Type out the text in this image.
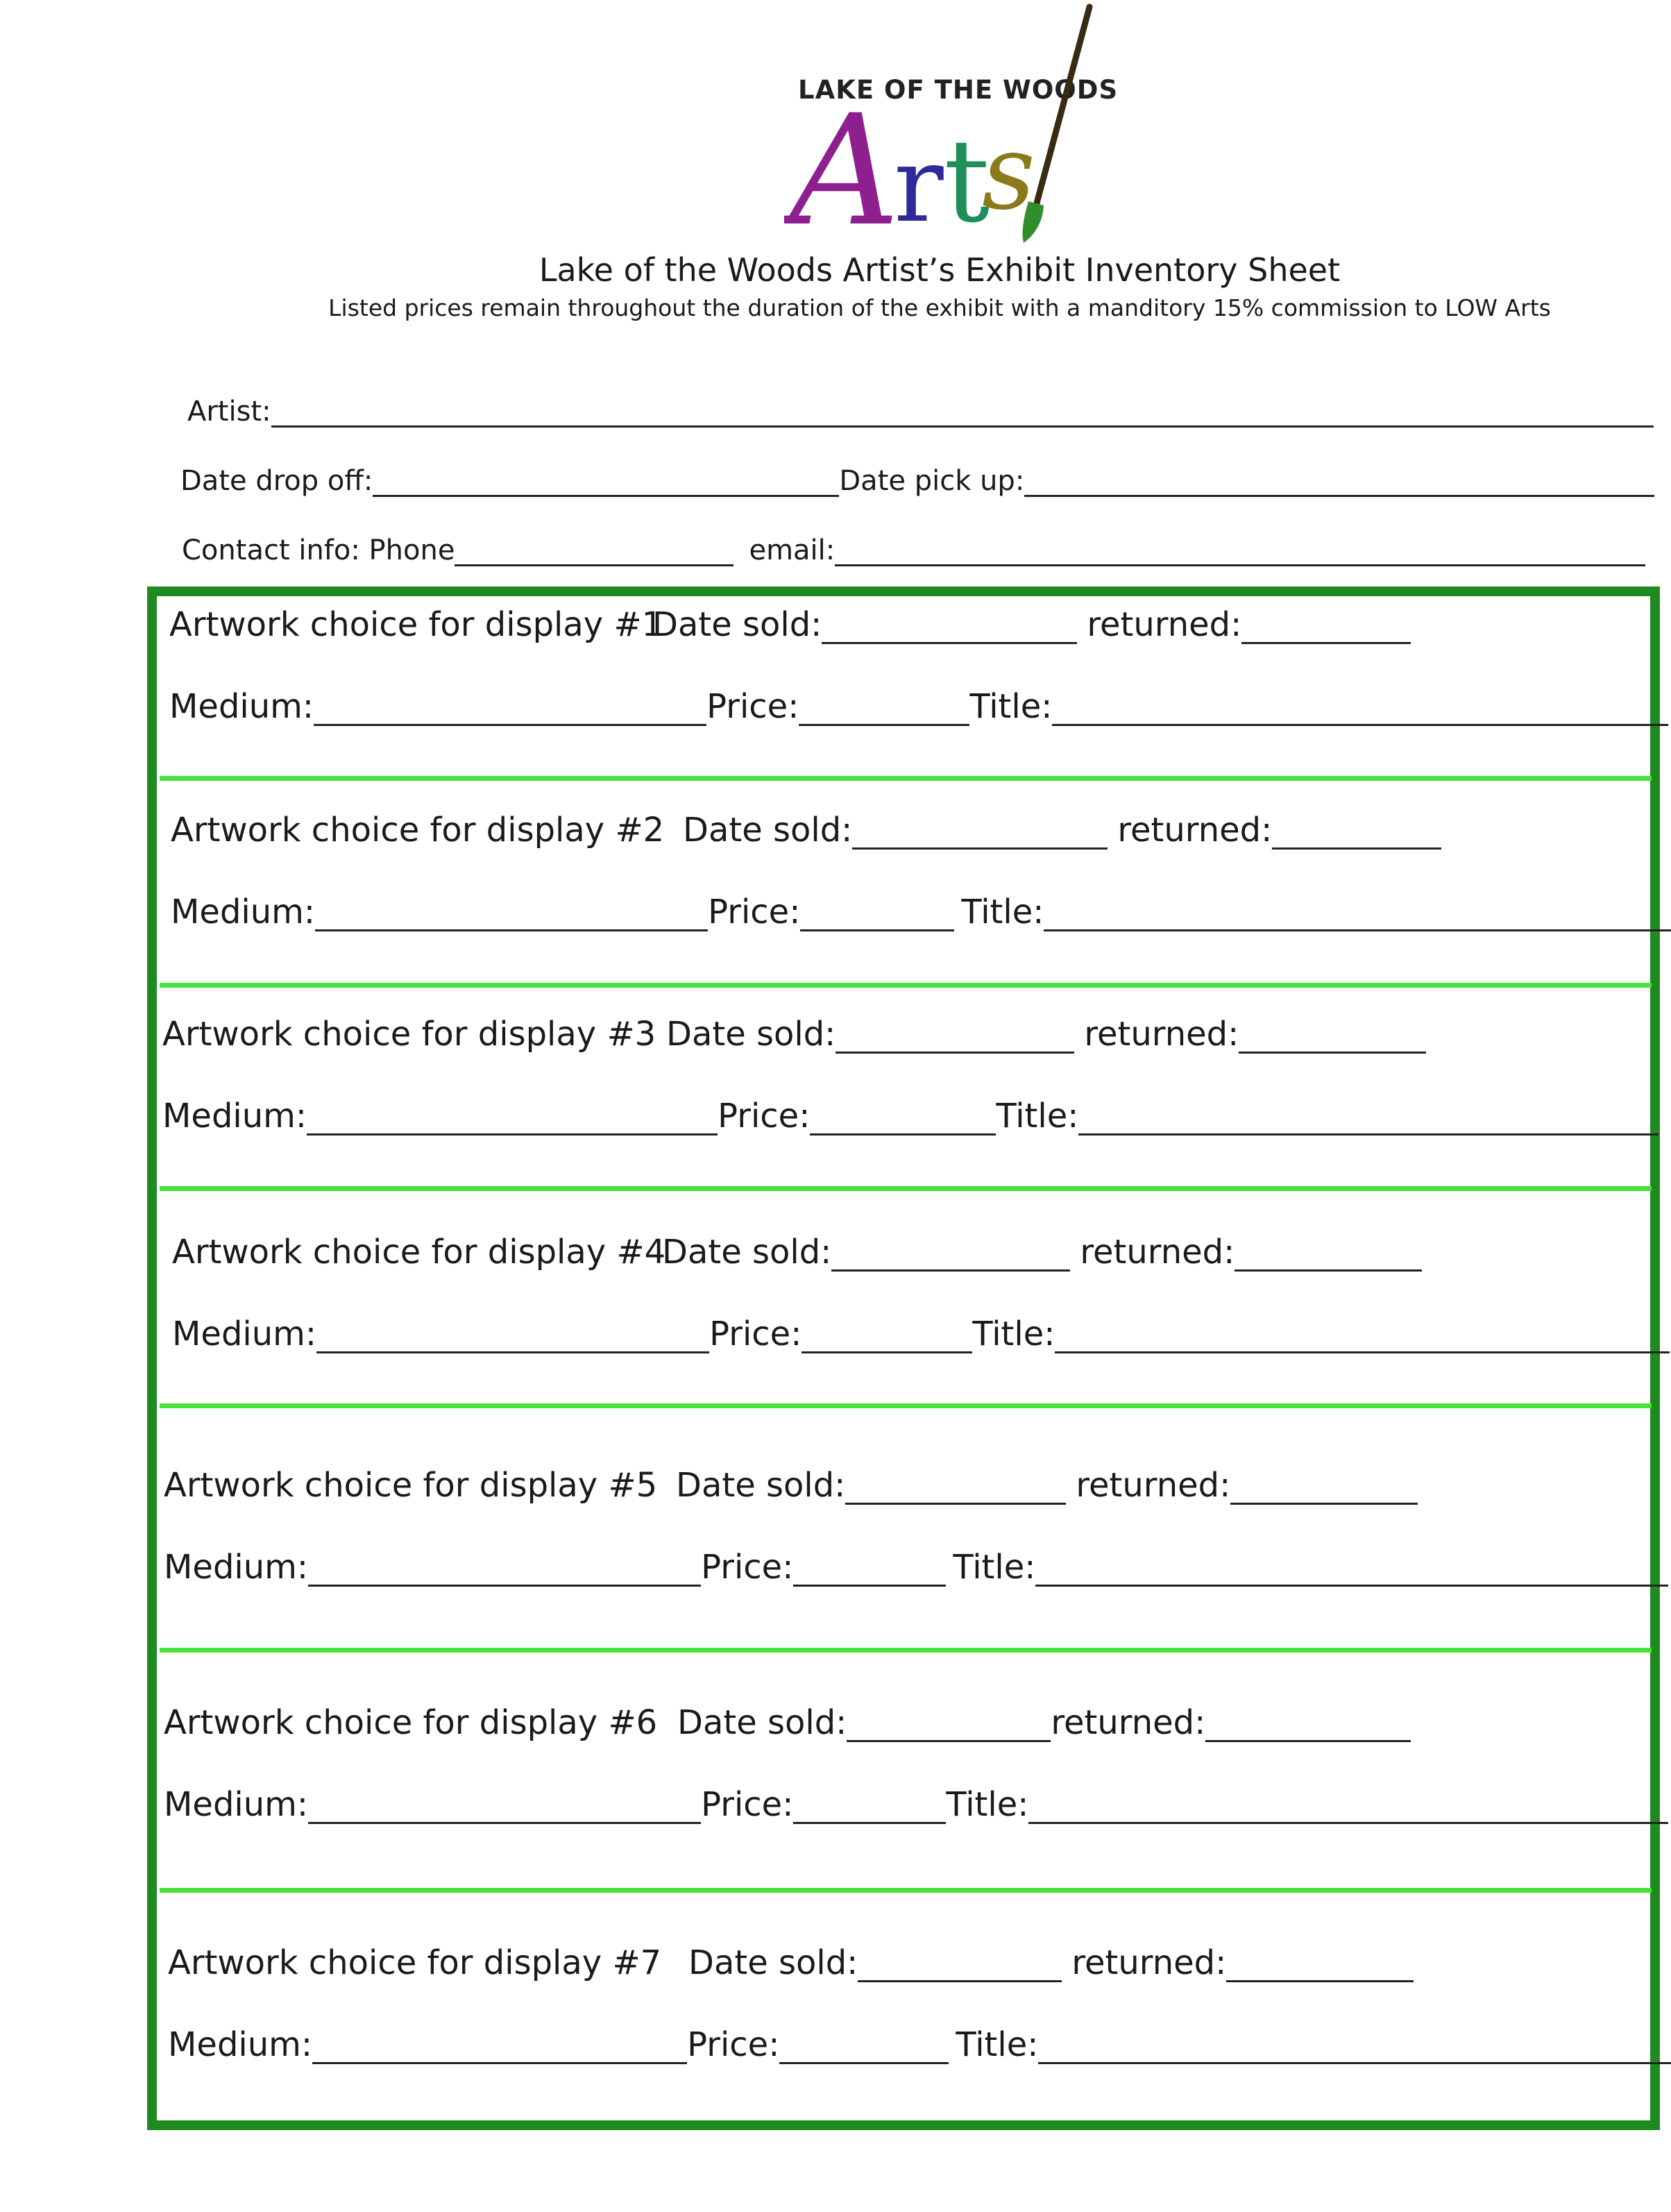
LAKE OF THE WOODS
A
r t
s
Lake of the Woods Artist’s Exhibit Inventory Sheet
Listed prices remain throughout the duration of the exhibit with a manditory 15% commission to LOW Arts
Artist:
Date drop off:	Date pick up:
Contact info: Phone	email:
Artwork choice for display #1
Date sold:	returned:
Medium:	Price:	Title:
Artwork choice for display #2 Date sold:	returned:
Medium:	Price:	Title:
Artwork choice for display #3 Date sold:	returned:
Medium:	Price:	Title:
Artwork choice for display #4
Date sold:	returned:
Medium:	Price:	Title:
Artwork choice for display #5 Date sold:	returned:
Medium:	Price:	Title:
Artwork choice for display #6 Date sold:	returned:
Medium:	Price:	Title:
Artwork choice for display #7 Date sold:	returned:
Medium:	Price:	Title:
